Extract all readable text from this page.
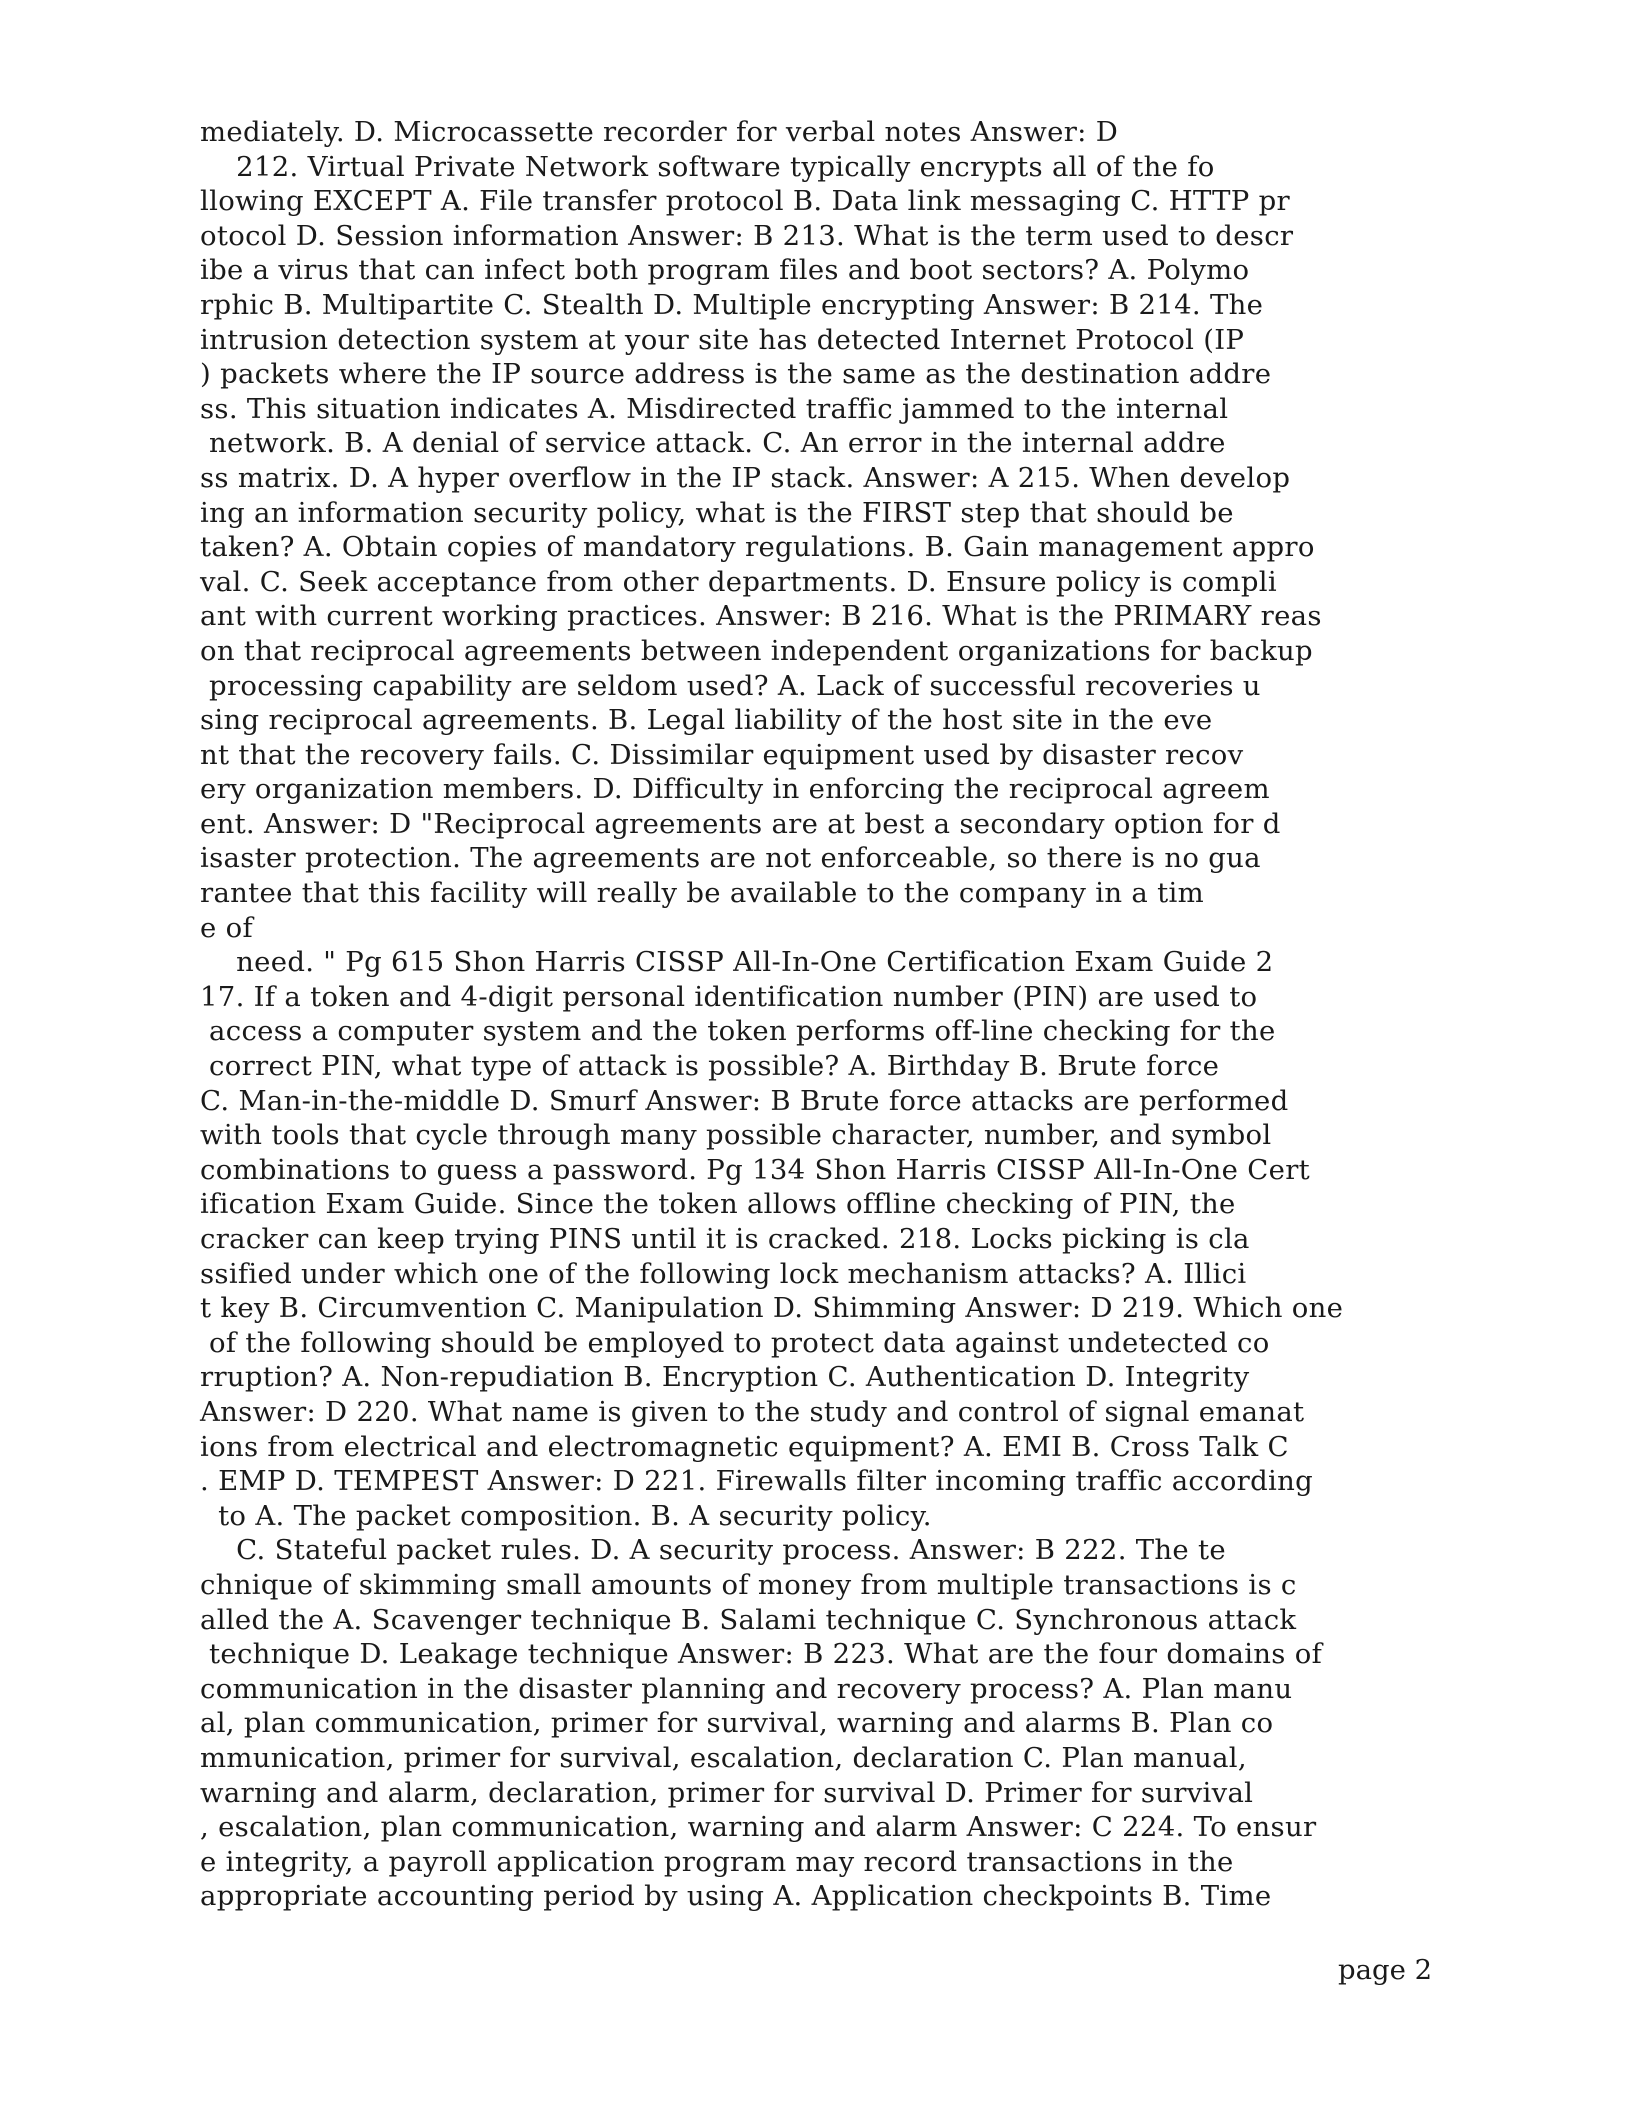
mediately. D. Microcassette recorder for verbal notes Answer: D
212. Virtual Private Network software typically encrypts all of the fo
llowing EXCEPT A. File transfer protocol B. Data link messaging C. HTTP pr
otocol D. Session information Answer: B 213. What is the term used to descr
ibe a virus that can infect both program files and boot sectors? A. Polymo
rphic B. Multipartite C. Stealth D. Multiple encrypting Answer: B 214. The
intrusion detection system at your site has detected Internet Protocol (IP
) packets where the IP source address is the same as the destination addre
ss. This situation indicates A. Misdirected traffic jammed to the internal
network. B. A denial of service attack. C. An error in the internal addre
ss matrix. D. A hyper overflow in the IP stack. Answer: A 215. When develop
ing an information security policy, what is the FIRST step that should be
taken? A. Obtain copies of mandatory regulations. B. Gain management appro
val. C. Seek acceptance from other departments. D. Ensure policy is compli
ant with current working practices. Answer: B 216. What is the PRIMARY reas
on that reciprocal agreements between independent organizations for backup
processing capability are seldom used? A. Lack of successful recoveries u
sing reciprocal agreements. B. Legal liability of the host site in the eve
nt that the recovery fails. C. Dissimilar equipment used by disaster recov
ery organization members. D. Difficulty in enforcing the reciprocal agreem
ent. Answer: D "Reciprocal agreements are at best a secondary option for d
isaster protection. The agreements are not enforceable, so there is no gua
rantee that this facility will really be available to the company in a tim
e of
need. " Pg 615 Shon Harris CISSP All-In-One Certification Exam Guide 2
17. If a token and 4-digit personal identification number (PIN) are used to
access a computer system and the token performs off-line checking for the
correct PIN, what type of attack is possible? A. Birthday B. Brute force
C. Man-in-the-middle D. Smurf Answer: B Brute force attacks are performed
with tools that cycle through many possible character, number, and symbol
combinations to guess a password. Pg 134 Shon Harris CISSP All-In-One Cert
ification Exam Guide. Since the token allows offline checking of PIN, the
cracker can keep trying PINS until it is cracked. 218. Locks picking is cla
ssified under which one of the following lock mechanism attacks? A. Illici
t key B. Circumvention C. Manipulation D. Shimming Answer: D 219. Which one
of the following should be employed to protect data against undetected co
rruption? A. Non-repudiation B. Encryption C. Authentication D. Integrity
Answer: D 220. What name is given to the study and control of signal emanat
ions from electrical and electromagnetic equipment? A. EMI B. Cross Talk C
. EMP D. TEMPEST Answer: D 221. Firewalls filter incoming traffic according
to A. The packet composition. B. A security policy.
C. Stateful packet rules. D. A security process. Answer: B 222. The te
chnique of skimming small amounts of money from multiple transactions is c
alled the A. Scavenger technique B. Salami technique C. Synchronous attack
technique D. Leakage technique Answer: B 223. What are the four domains of
communication in the disaster planning and recovery process? A. Plan manu
al, plan communication, primer for survival, warning and alarms B. Plan co
mmunication, primer for survival, escalation, declaration C. Plan manual,
warning and alarm, declaration, primer for survival D. Primer for survival
, escalation, plan communication, warning and alarm Answer: C 224. To ensur
e integrity, a payroll application program may record transactions in the
appropriate accounting period by using A. Application checkpoints B. Time
page 2
